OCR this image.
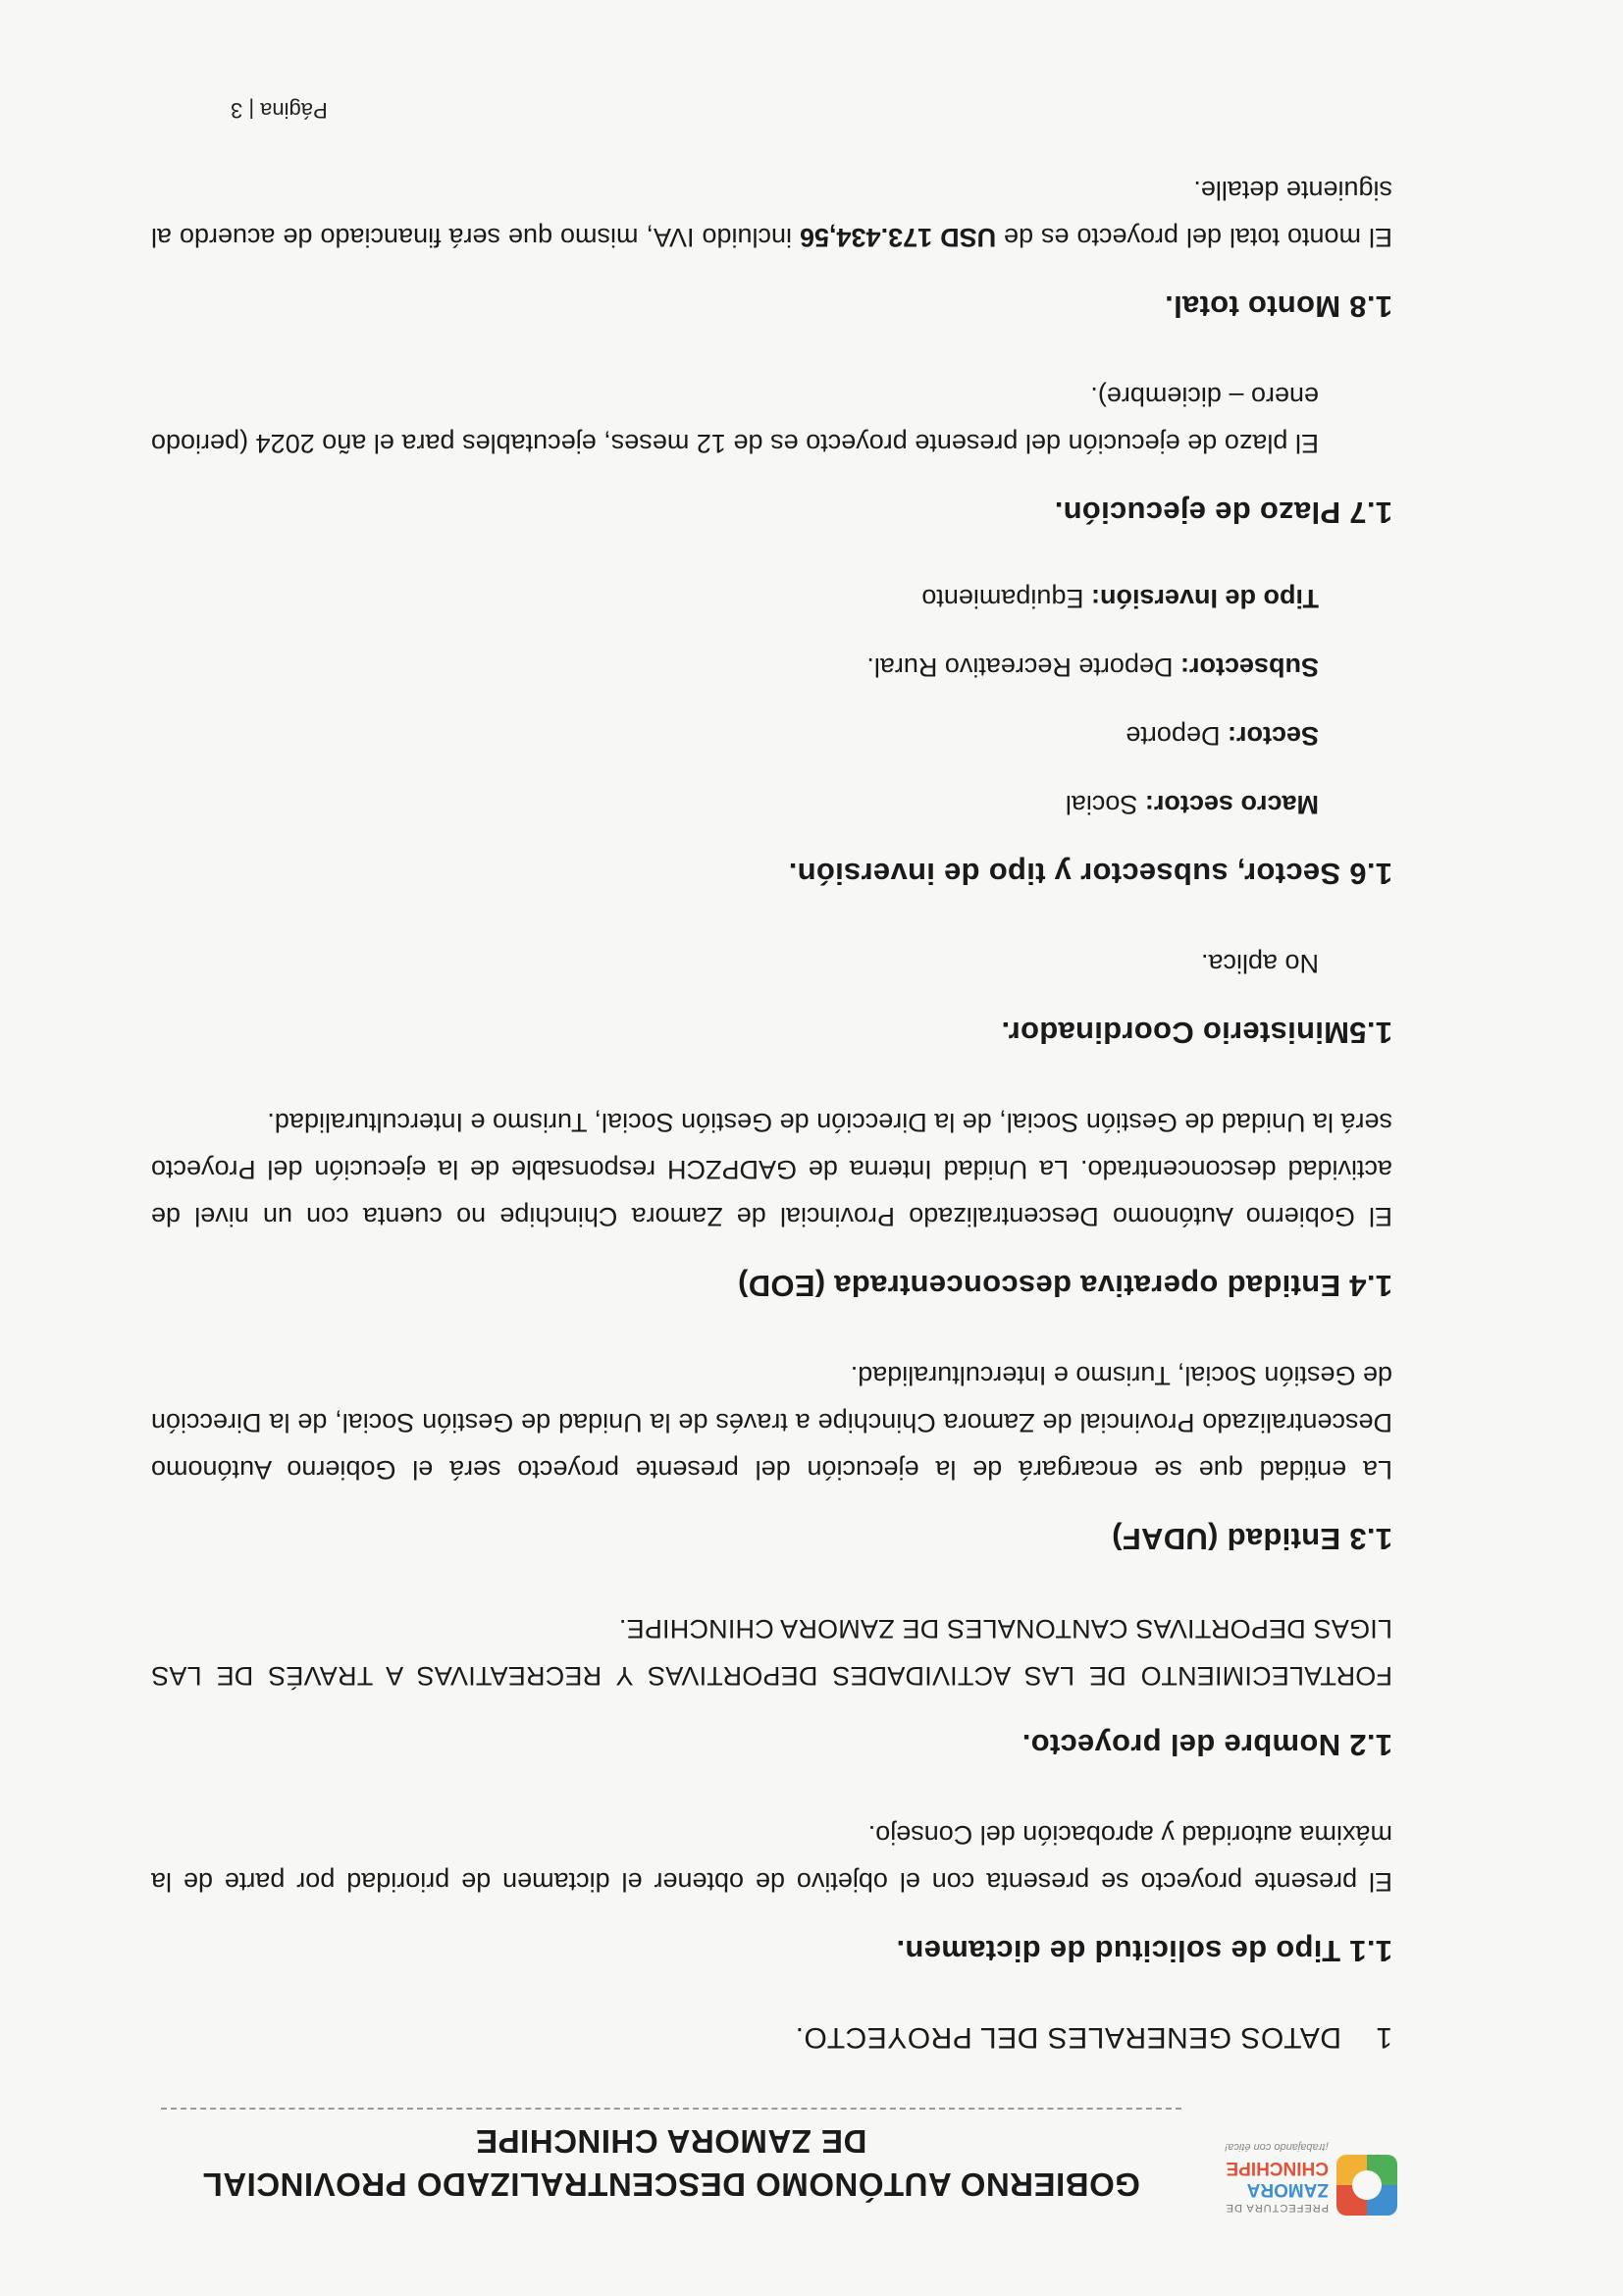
PREFECTURA DE
ZAMORA
CHINCHIPE
¡trabajando con ética!
GOBIERNO AUTÓNOMO DESCENTRALIZADO PROVINCIAL
DE ZAMORA CHINCHIPE
1DATOS GENERALES DEL PROYECTO.
1.1 Tipo de solicitud de dictamen.
El presente proyecto se presenta con el objetivo de obtener el dictamen de prioridad por parte de la máxima autoridad y aprobación del Consejo.
1.2 Nombre del proyecto.
FORTALECIMIENTO DE LAS ACTIVIDADES DEPORTIVAS Y RECREATIVAS A TRAVÉS DE LAS LIGAS DEPORTIVAS CANTONALES DE ZAMORA CHINCHIPE.
1.3 Entidad (UDAF)
La entidad que se encargará de la ejecución del presente proyecto será el Gobierno Autónomo Descentralizado Provincial de Zamora Chinchipe a través de la Unidad de Gestión Social, de la Dirección de Gestión Social, Turismo e Interculturalidad.
1.4 Entidad operativa desconcentrada (EOD)
El Gobierno Autónomo Descentralizado Provincial de Zamora Chinchipe no cuenta con un nivel de actividad desconcentrado. La Unidad Interna de GADPZCH responsable de la ejecución del Proyecto será la Unidad de Gestión Social, de la Dirección de Gestión Social, Turismo e Interculturalidad.
1.5Ministerio Coordinador.
No aplica.
1.6 Sector, subsector y tipo de inversión.
Macro sector: Social
Sector: Deporte
Subsector: Deporte Recreativo Rural.
Tipo de Inversión: Equipamiento
1.7 Plazo de ejecución.
El plazo de ejecución del presente proyecto es de 12 meses, ejecutables para el año 2024 (periodo enero – diciembre).
1.8 Monto total.
El monto total del proyecto es de USD 173.434,56 incluido IVA, mismo que será financiado de acuerdo al siguiente detalle.
Página | 3
